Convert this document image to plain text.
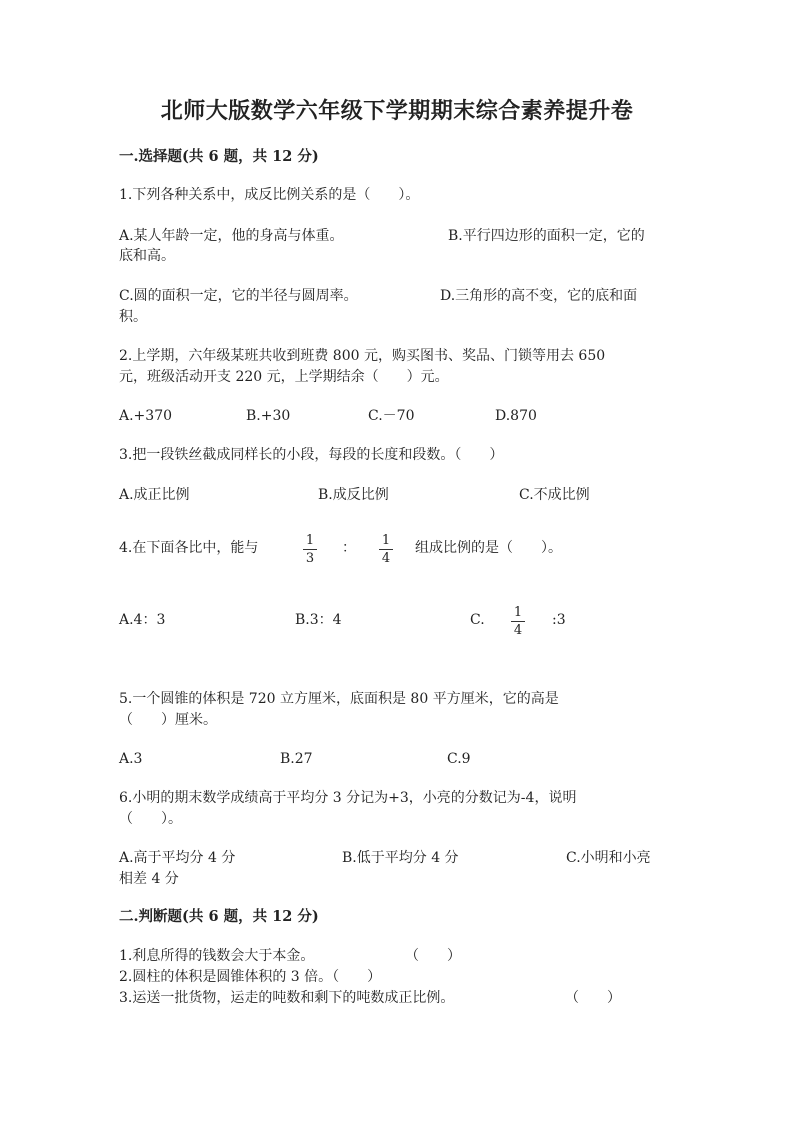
北师大版数学六年级下学期期末综合素养提升卷
一.选择题(共 6 题，共 12 分)
1.下列各种关系中，成反比例关系的是（　　）。
A.某人年龄一定，他的身高与体重。	B.平行四边形的面积一定，它的
底和高。
C.圆的面积一定，它的半径与圆周率。	D.三角形的高不变，它的底和面
积。
2.上学期，六年级某班共收到班费 800 元，购买图书、奖品、门锁等用去 650
元，班级活动开支 220 元，上学期结余（　　）元。
A.+370	B.+30	C.－70	D.870
3.把一段铁丝截成同样长的小段，每段的长度和段数。（　　）
A.成正比例	B.成反比例	C.不成比例
4.在下面各比中，能与	1
3
：	1
4
组成比例的是（　　）。
A.4：3	B.3：4	C.	1
4
:3
5.一个圆锥的体积是 720 立方厘米，底面积是 80 平方厘米，它的高是
（　　）厘米。
A.3	B.27	C.9
6.小明的期末数学成绩高于平均分 3 分记为+3，小亮的分数记为-4，说明
（　　）。
A.高于平均分 4 分	B.低于平均分 4 分	C.小明和小亮
相差 4 分
二.判断题(共 6 题，共 12 分)
1.利息所得的钱数会大于本金。	（　　）
2.圆柱的体积是圆锥体积的 3 倍。（　　）
3.运送一批货物，运走的吨数和剩下的吨数成正比例。	（　　）
